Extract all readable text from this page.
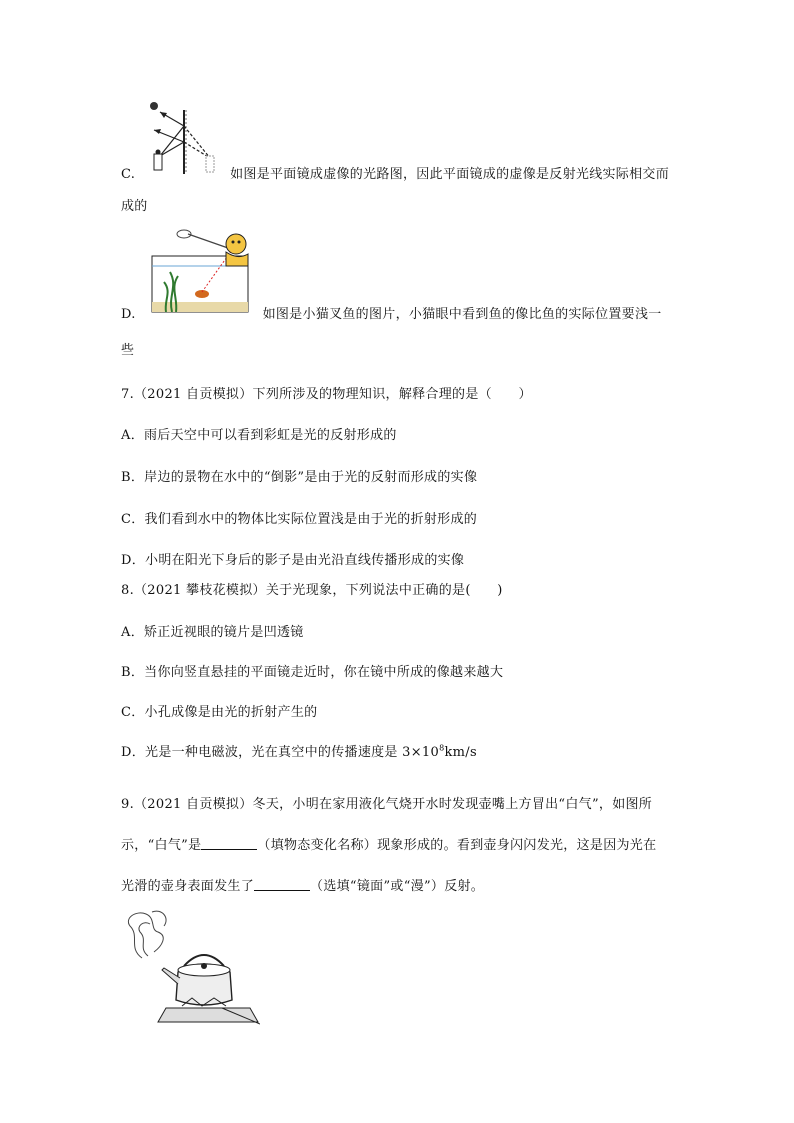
C.	如图是平面镜成虚像的光路图，因此平面镜成的虚像是反射光线实际相交而
成的
D.	如图是小猫叉鱼的图片，小猫眼中看到鱼的像比鱼的实际位置要浅一
些
7.（2021 自贡模拟）下列所涉及的物理知识，解释合理的是（　　）
A．雨后天空中可以看到彩虹是光的反射形成的
B．岸边的景物在水中的“倒影”是由于光的反射而形成的实像
C．我们看到水中的物体比实际位置浅是由于光的折射形成的
D．小明在阳光下身后的影子是由光沿直线传播形成的实像
8.（2021 攀枝花模拟）关于光现象，下列说法中正确的是(　　)
A．矫正近视眼的镜片是凹透镜
B．当你向竖直悬挂的平面镜走近时，你在镜中所成的像越来越大
C．小孔成像是由光的折射产生的
D．光是一种电磁波，光在真空中的传播速度是 $3\times 10^8km/s$
9.（2021 自贡模拟）冬天，小明在家用液化气烧开水时发现壶嘴上方冒出“白气”，如图所
示，“白气”是	（填物态变化名称）现象形成的。看到壶身闪闪发光，这是因为光在
光滑的壶身表面发生了	（选填“镜面”或“漫”）反射。
